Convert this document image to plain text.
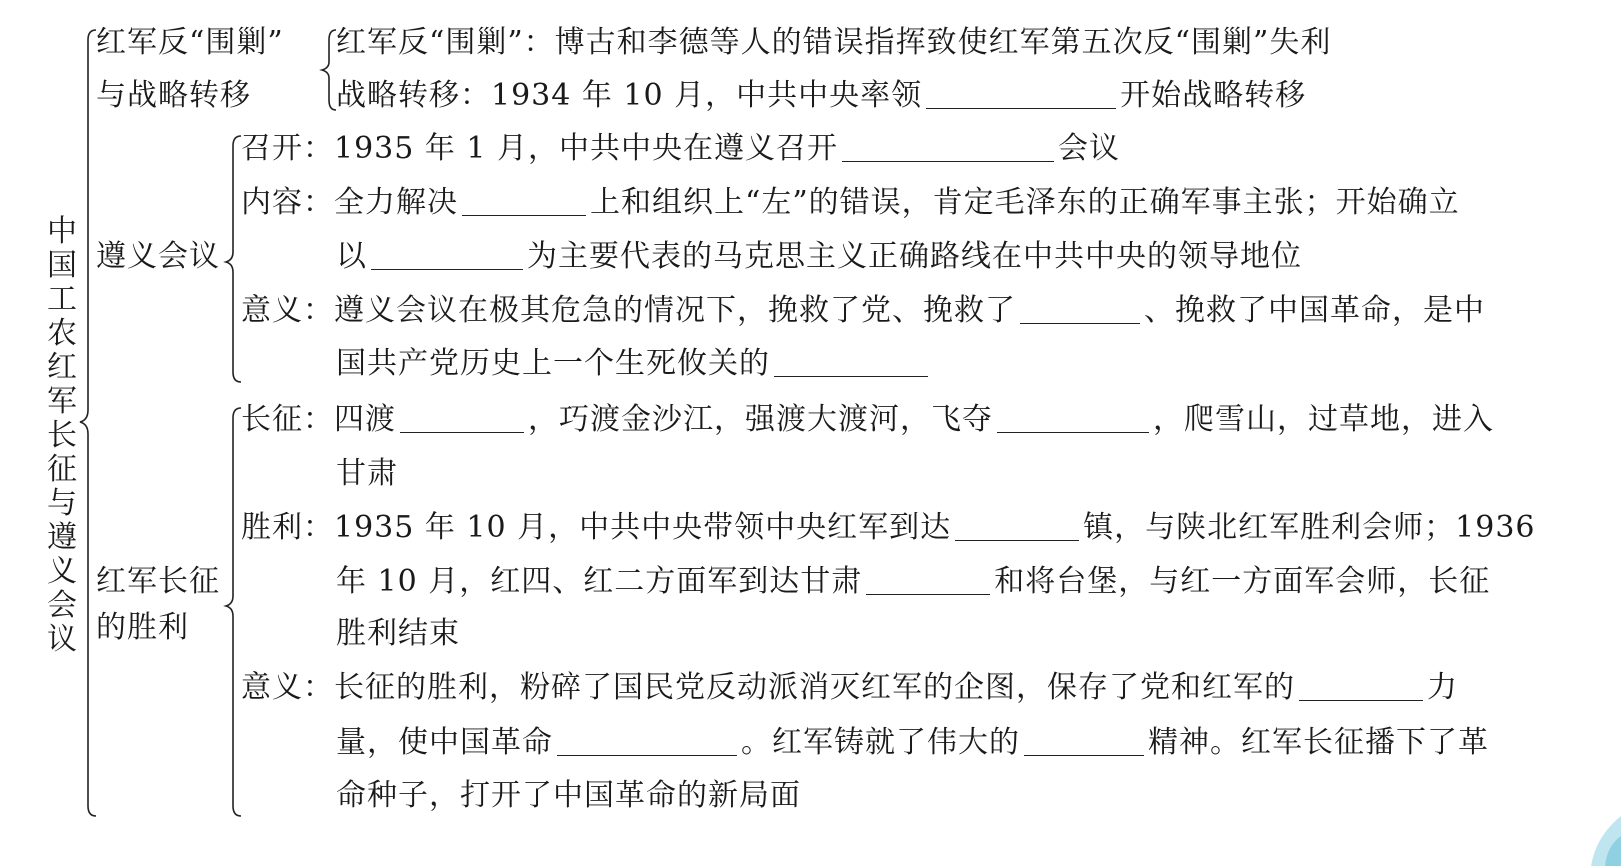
中国工农红军长征与遵义会议
红军反“围剿”
与战略转移
红军反“围剿”：博古和李德等人的错误指挥致使红军第五次反“围剿”失利
战略转移：1934 年 10 月，中共中央率领	开始战略转移
遵义会议
召开：1935 年 1 月，中共中央在遵义召开	会议
内容：全力解决	上和组织上“左”的错误，肯定毛泽东的正确军事主张；开始确立
以	为主要代表的马克思主义正确路线在中共中央的领导地位
意义：遵义会议在极其危急的情况下，挽救了党、挽救了	、挽救了中国革命，是中
国共产党历史上一个生死攸关的
红军长征
的胜利
长征：四渡	，巧渡金沙江，强渡大渡河，飞夺	，爬雪山，过草地，进入
甘肃
胜利：1935 年 10 月，中共中央带领中央红军到达	镇，与陕北红军胜利会师；1936
年 10 月，红四、红二方面军到达甘肃	和将台堡，与红一方面军会师，长征
胜利结束
意义：长征的胜利，粉碎了国民党反动派消灭红军的企图，保存了党和红军的	力
量，使中国革命	。红军铸就了伟大的	精神。红军长征播下了革
命种子，打开了中国革命的新局面
